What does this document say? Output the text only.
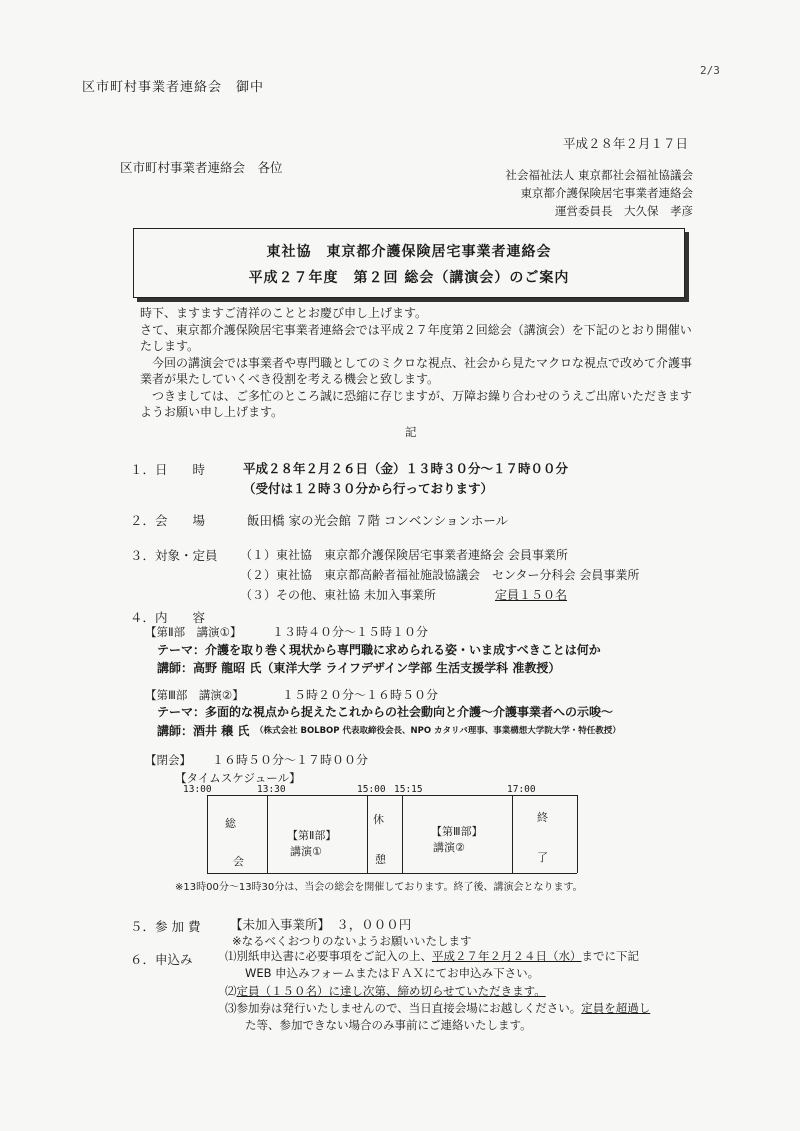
区市町村事業者連絡会　御中
2/3
平成２８年２月１７日
区市町村事業者連絡会　各位	社会福祉法人 東京都社会福祉協議会
東京都介護保険居宅事業者連絡会
運営委員長　大久保　孝彦
東社協　東京都介護保険居宅事業者連絡会
平成２７年度　第２回 総会（講演会）のご案内

時下、ますますご清祥のこととお慶び申し上げます。

さて、東京都介護保険居宅事業者連絡会では平成２７年度第２回総会（講演会）を下記のとおり開催いたします。

今回の講演会では事業者や専門職としてのミクロな視点、社会から見たマクロな視点で改めて介護事業者が果たしていくべき役割を考える機会と致します。

つきましては、ご多忙のところ誠に恐縮に存じますが、万障お繰り合わせのうえご出席いただきますようお願い申し上げます。

記
１．日　　時	平成２８年２月２６日（金）１３時３０分～１７時００分
（受付は１２時３０分から行っております）
２．会　　場	飯田橋 家の光会館 ７階 コンベンションホール
３．対象・定員 （１）東社協　東京都介護保険居宅事業者連絡会 会員事業所
（２）東社協　東京都高齢者福祉施設協議会　センター分科会 会員事業所
（３）その他、東社協 未加入事業所	定員１５０名
４．内　　容
【第Ⅱ部　講演①】	１３時４０分～１５時１０分
テーマ：介護を取り巻く現状から専門職に求められる姿・いま成すべきことは何か
講師：高野 龍昭 氏（東洋大学 ライフデザイン学部 生活支援学科 准教授）
【第Ⅲ部　講演②】	１５時２０分～１６時５０分
テーマ：多面的な視点から捉えたこれからの社会動向と介護～介護事業者への示唆～
講師：酒井 穣 氏 （株式会社 BOLBOP 代表取締役会長、NPO カタリバ理事、事業構想大学院大学・特任教授）
【閉会】 １６時５０分～１７時００分
【タイムスケジュール】
13:00	13:30	15:00 15:15	17:00
総
会
【第Ⅱ部】
講演①
休
憩
【第Ⅲ部】
講演②
終
了
※13時00分～13時30分は、当会の総会を開催しております。終了後、講演会となります。
５．参 加 費 【未加入事業所】　３，０００円
※なるべくおつりのないようお願いいたします
６．申込み	⑴別紙申込書に必要事項をご記入の上、平成２７年２月２４日（水）までに下記
WEB 申込みフォームまたはＦＡＸにてお申込み下さい。
⑵定員（１５０名）に達し次第、締め切らせていただきます。
⑶参加券は発行いたしませんので、当日直接会場にお越しください。定員を超過し
た等、参加できない場合のみ事前にご連絡いたします。
